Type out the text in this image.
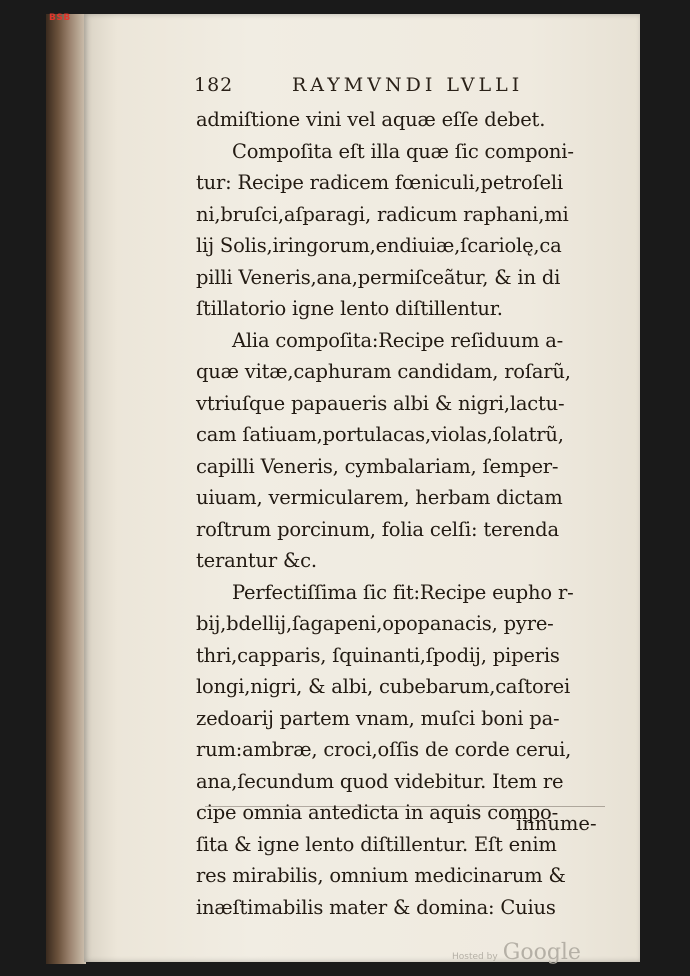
BSB
182	RAYMVNDI LVLLI
admiſtione vini vel aquæ eſſe debet.
Compoſita eſt illa quæ ſic componi-
tur: Recipe radicem fœniculi,petroſeli
ni,bruſci,aſparagi, radicum raphani,mi
lij Solis,iringorum,endiuiæ,ſcariolę,ca
pilli Veneris,ana,permiſceãtur, & in di
ſtillatorio igne lento diſtillentur.
Alia compoſita:Recipe reſiduum a-
quæ vitæ,caphuram candidam, roſarũ,
vtriuſque papaueris albi & nigri,lactu-
cam ſatiuam,portulacas,violas,ſolatrũ,
capilli Veneris, cymbalariam, ſemper-
uiuam, vermicularem, herbam dictam
roſtrum porcinum, folia celſi: terenda
terantur &c.
Perfectiſſima ſic fit:Recipe eupho r-
bij,bdellij,ſagapeni,opopanacis, pyre-
thri,capparis, ſquinanti,ſpodij, piperis
longi,nigri, & albi, cubebarum,caſtorei
zedoarij partem vnam, muſci boni pa-
rum:ambræ, croci,oſſis de corde cerui,
ana,ſecundum quod videbitur. Item re
cipe omnia antedicta in aquis compo-
ſita & igne lento diſtillentur. Eſt enim
res mirabilis, omnium medicinarum &
inæſtimabilis mater & domina: Cuius
innume-
Hosted by Google
